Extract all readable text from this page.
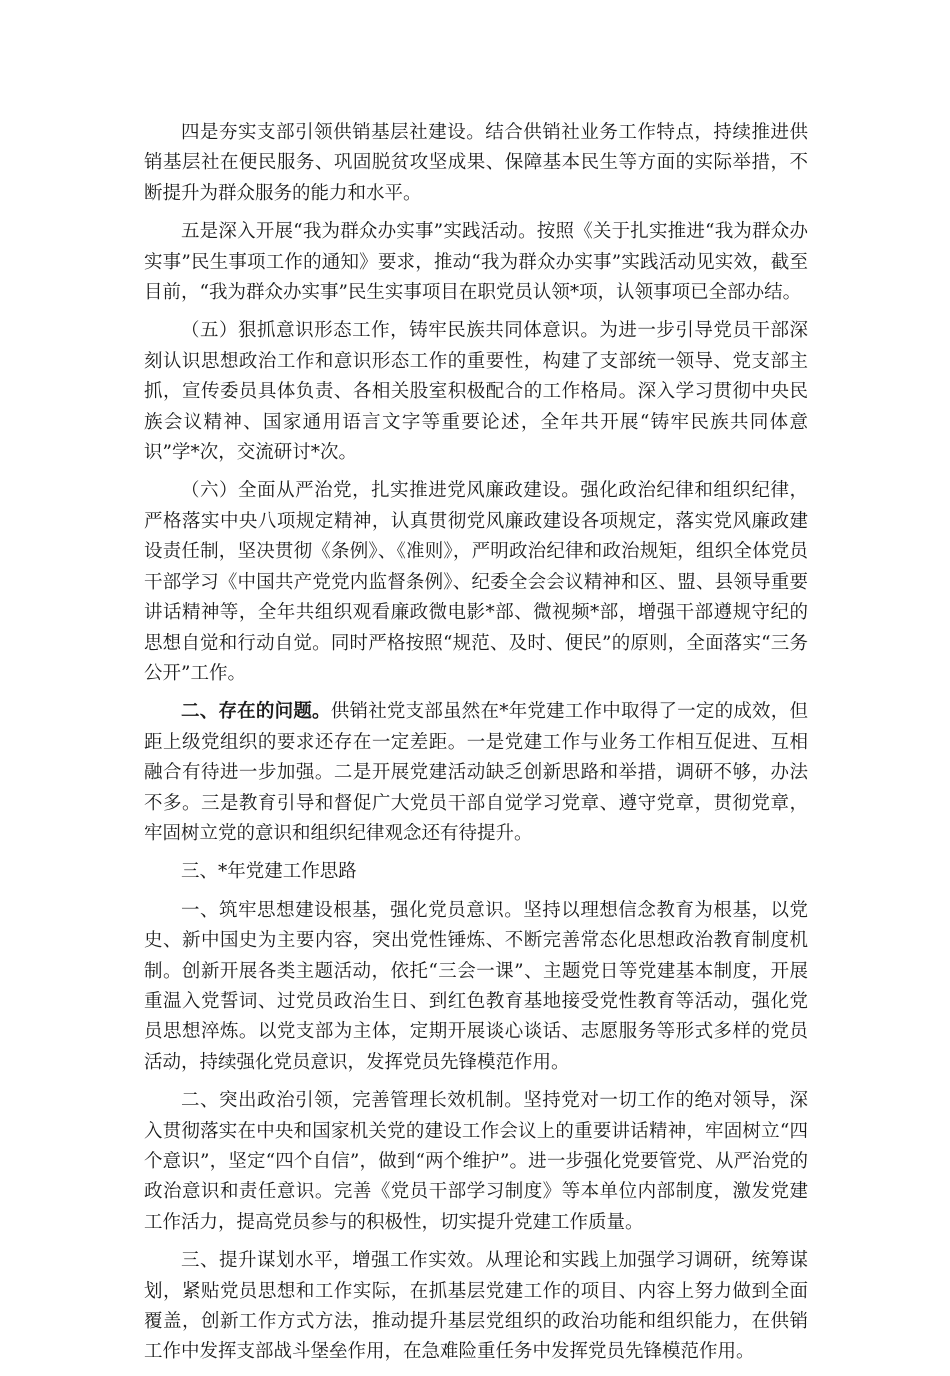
四是夯实支部引领供销基层社建设。结合供销社业务工作特点，持续推进供销基层社在便民服务、巩固脱贫攻坚成果、保障基本民生等方面的实际举措，不断提升为群众服务的能力和水平。

五是深入开展“我为群众办实事”实践活动。按照《关于扎实推进“我为群众办实事”民生事项工作的通知》要求，推动“我为群众办实事”实践活动见实效，截至目前，“我为群众办实事”民生实事项目在职党员认领*项，认领事项已全部办结。

（五）狠抓意识形态工作，铸牢民族共同体意识。为进一步引导党员干部深刻认识思想政治工作和意识形态工作的重要性，构建了支部统一领导、党支部主抓，宣传委员具体负责、各相关股室积极配合的工作格局。深入学习贯彻中央民族会议精神、国家通用语言文字等重要论述，全年共开展“铸牢民族共同体意识”学*次，交流研讨*次。

（六）全面从严治党，扎实推进党风廉政建设。强化政治纪律和组织纪律，严格落实中央八项规定精神，认真贯彻党风廉政建设各项规定，落实党风廉政建设责任制，坚决贯彻《条例》、《准则》，严明政治纪律和政治规矩，组织全体党员干部学习《中国共产党党内监督条例》、纪委全会会议精神和区、盟、县领导重要讲话精神等，全年共组织观看廉政微电影*部、微视频*部，增强干部遵规守纪的思想自觉和行动自觉。同时严格按照“规范、及时、便民”的原则，全面落实“三务公开”工作。

二、存在的问题。供销社党支部虽然在*年党建工作中取得了一定的成效，但距上级党组织的要求还存在一定差距。一是党建工作与业务工作相互促进、互相融合有待进一步加强。二是开展党建活动缺乏创新思路和举措，调研不够，办法不多。三是教育引导和督促广大党员干部自觉学习党章、遵守党章，贯彻党章，牢固树立党的意识和组织纪律观念还有待提升。

三、*年党建工作思路

一、筑牢思想建设根基，强化党员意识。坚持以理想信念教育为根基，以党史、新中国史为主要内容，突出党性锤炼、不断完善常态化思想政治教育制度机制。创新开展各类主题活动，依托“三会一课”、主题党日等党建基本制度，开展重温入党誓词、过党员政治生日、到红色教育基地接受党性教育等活动，强化党员思想淬炼。以党支部为主体，定期开展谈心谈话、志愿服务等形式多样的党员活动，持续强化党员意识，发挥党员先锋模范作用。

二、突出政治引领，完善管理长效机制。坚持党对一切工作的绝对领导，深入贯彻落实在中央和国家机关党的建设工作会议上的重要讲话精神，牢固树立“四个意识”，坚定“四个自信”，做到“两个维护”。进一步强化党要管党、从严治党的政治意识和责任意识。完善《党员干部学习制度》等本单位内部制度，激发党建工作活力，提高党员参与的积极性，切实提升党建工作质量。

三、提升谋划水平，增强工作实效。从理论和实践上加强学习调研，统筹谋划，紧贴党员思想和工作实际，在抓基层党建工作的项目、内容上努力做到全面覆盖，创新工作方式方法，推动提升基层党组织的政治功能和组织能力，在供销工作中发挥支部战斗堡垒作用，在急难险重任务中发挥党员先锋模范作用。
